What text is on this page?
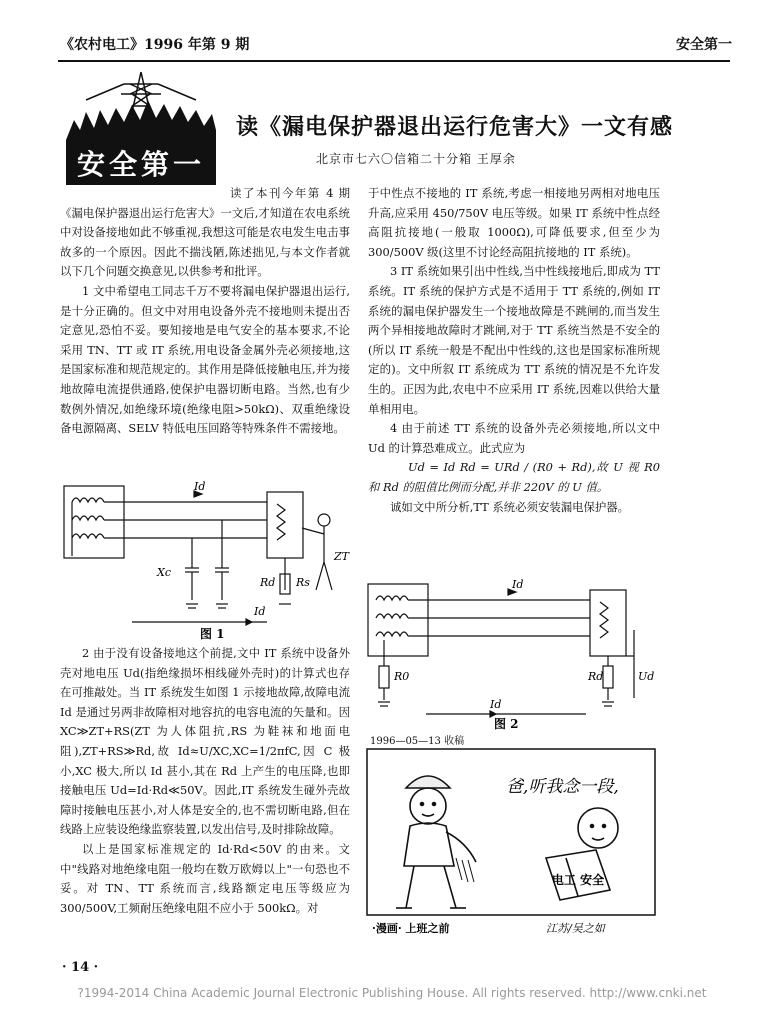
《农村电工》1996 年第 9 期	安全第一
安全第一
读《漏电保护器退出运行危害大》一文有感
北京市七六〇信箱二十分箱 王厚余

读了本刊今年第 4 期《漏电保护器退出运行危害大》一文后,才知道在农电系统中对设备接地如此不够重视,我想这可能是农电发生电击事故多的一个原因。因此不揣浅陋,陈述拙见,与本文作者就以下几个问题交换意见,以供参考和批评。

1 文中希望电工同志千万不要将漏电保护器退出运行,是十分正确的。但文中对用电设备外壳不接地则未提出否定意见,恐怕不妥。要知接地是电气安全的基本要求,不论采用 TN、TT 或 IT 系统,用电设备金属外壳必须接地,这是国家标准和规范规定的。其作用是降低接触电压,并为接地故障电流提供通路,使保护电器切断电路。当然,也有少数例外情况,如绝缘环境(绝缘电阻>50kΩ)、双重绝缘设备电源隔离、SELV 特低电压回路等特殊条件不需接地。

Id
Xc
ZT
Rd Rs
Id
图 1

2 由于没有设备接地这个前提,文中 IT 系统中设备外壳对地电压 Ud(指绝缘损坏相线碰外壳时)的计算式也存在可推敲处。当 IT 系统发生如图 1 示接地故障,故障电流 Id 是通过另两非故障相对地容抗的电容电流的矢量和。因 XC≫ZT+RS(ZT 为人体阻抗,RS 为鞋袜和地面电阻),ZT+RS≫Rd,故 Id≈U/XC,XC=1/2πfC,因 C 极小,XC 极大,所以 Id 甚小,其在 Rd 上产生的电压降,也即接触电压 Ud=Id·Rd≪50V。因此,IT 系统发生碰外壳故障时接触电压甚小,对人体是安全的,也不需切断电路,但在线路上应装设绝缘监察装置,以发出信号,及时排除故障。

以上是国家标准规定的 Id·Rd<50V 的由来。文中"线路对地绝缘电阻一般均在数万欧姆以上"一句恐也不妥。对 TN、TT 系统而言,线路额定电压等级应为 300/500V,工频耐压绝缘电阻不应小于 500kΩ。对

于中性点不接地的 IT 系统,考虑一相接地另两相对地电压升高,应采用 450/750V 电压等级。如果 IT 系统中性点经高阻抗接地(一般取 1000Ω),可降低要求,但至少为 300/500V 级(这里不讨论经高阻抗接地的 IT 系统)。

3 IT 系统如果引出中性线,当中性线接地后,即成为 TT 系统。IT 系统的保护方式是不适用于 TT 系统的,例如 IT 系统的漏电保护器发生一个接地故障是不跳闸的,而当发生两个异相接地故障时才跳闸,对于 TT 系统当然是不安全的(所以 IT 系统一般是不配出中性线的,这也是国家标准所规定的)。文中所叙 IT 系统成为 TT 系统的情况是不允许发生的。正因为此,农电中不应采用 IT 系统,因难以供给大量单相用电。

4 由于前述 TT 系统的设备外壳必须接地,所以文中 Ud 的计算恐难成立。此式应为

Ud = Id Rd = URd / (R0 + Rd),故 U 视 R0 和 Rd 的阻值比例而分配,并非 220V 的 U 值。

诚如文中所分析,TT 系统必须安装漏电保护器。

Id
R0	Rd	Ud
Id
图 2
1996—05—13 收稿
电工 安全
爸,听我念一段,
·漫画· 上班之前	江苏/吴之如
· 14 ·
?1994-2014 China Academic Journal Electronic Publishing House. All rights reserved. http://www.cnki.net
